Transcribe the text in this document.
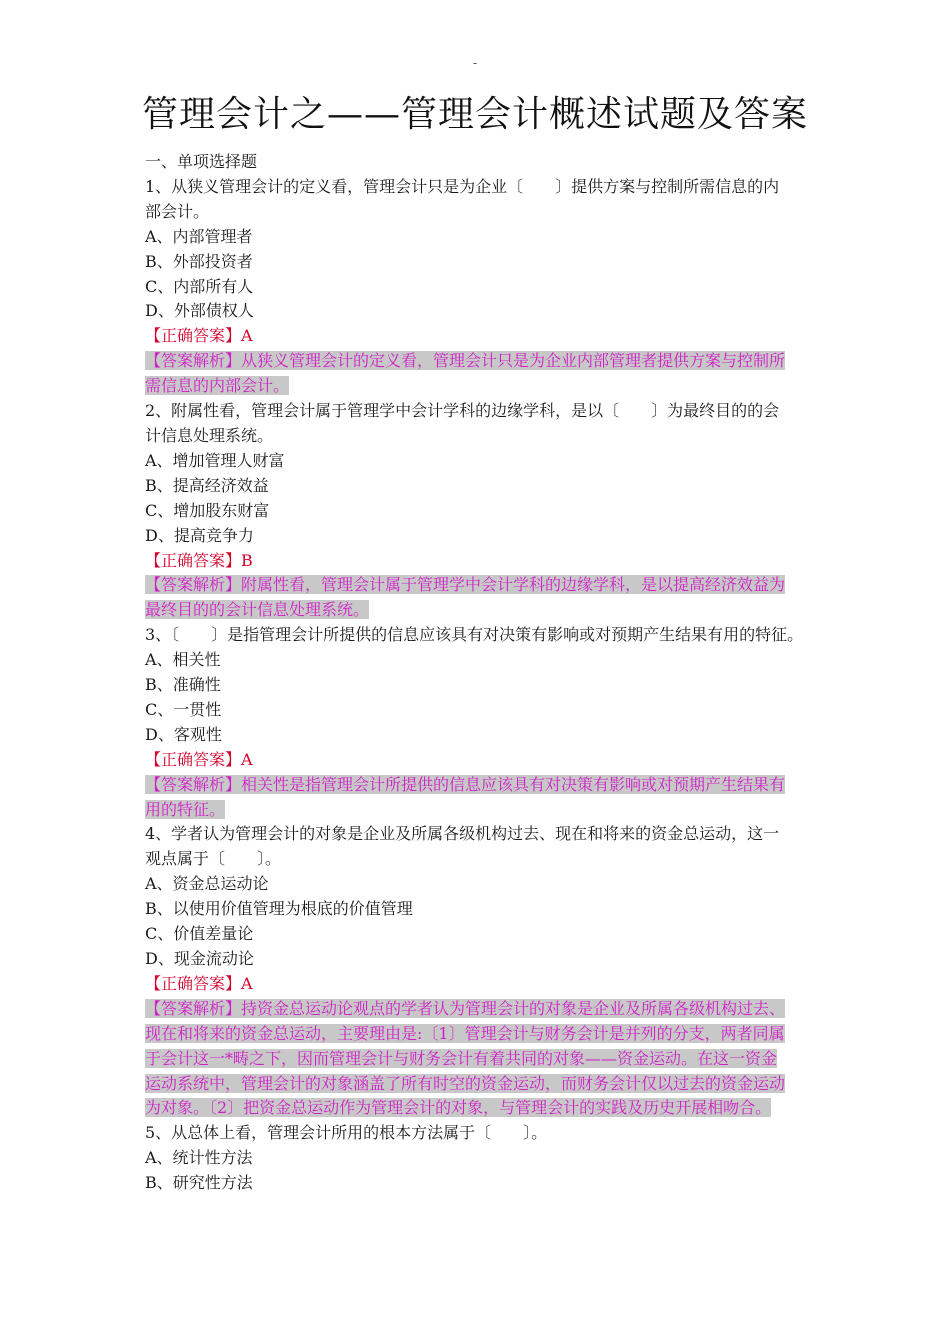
-
管理会计之——管理会计概述试题及答案
一、单项选择题
1、从狭义管理会计的定义看，管理会计只是为企业〔　　〕提供方案与控制所需信息的内
部会计。
A、内部管理者
B、外部投资者
C、内部所有人
D、外部债权人
【正确答案】A
【答案解析】从狭义管理会计的定义看，管理会计只是为企业内部管理者提供方案与控制所
需信息的内部会计。
2、附属性看，管理会计属于管理学中会计学科的边缘学科，是以〔　　〕为最终目的的会
计信息处理系统。
A、增加管理人财富
B、提高经济效益
C、增加股东财富
D、提高竞争力
【正确答案】B
【答案解析】附属性看，管理会计属于管理学中会计学科的边缘学科，是以提高经济效益为
最终目的的会计信息处理系统。
3、〔　　〕是指管理会计所提供的信息应该具有对决策有影响或对预期产生结果有用的特征。
A、相关性
B、准确性
C、一贯性
D、客观性
【正确答案】A
【答案解析】相关性是指管理会计所提供的信息应该具有对决策有影响或对预期产生结果有
用的特征。
4、学者认为管理会计的对象是企业及所属各级机构过去、现在和将来的资金总运动，这一
观点属于〔　　〕。
A、资金总运动论
B、以使用价值管理为根底的价值管理
C、价值差量论
D、现金流动论
【正确答案】A
【答案解析】持资金总运动论观点的学者认为管理会计的对象是企业及所属各级机构过去、
现在和将来的资金总运动，主要理由是:〔1〕管理会计与财务会计是并列的分支，两者同属
于会计这一*畴之下，因而管理会计与财务会计有着共同的对象——资金运动。在这一资金
运动系统中，管理会计的对象涵盖了所有时空的资金运动，而财务会计仅以过去的资金运动
为对象。〔2〕把资金总运动作为管理会计的对象，与管理会计的实践及历史开展相吻合。
5、从总体上看，管理会计所用的根本方法属于〔　　〕。
A、统计性方法
B、研究性方法
